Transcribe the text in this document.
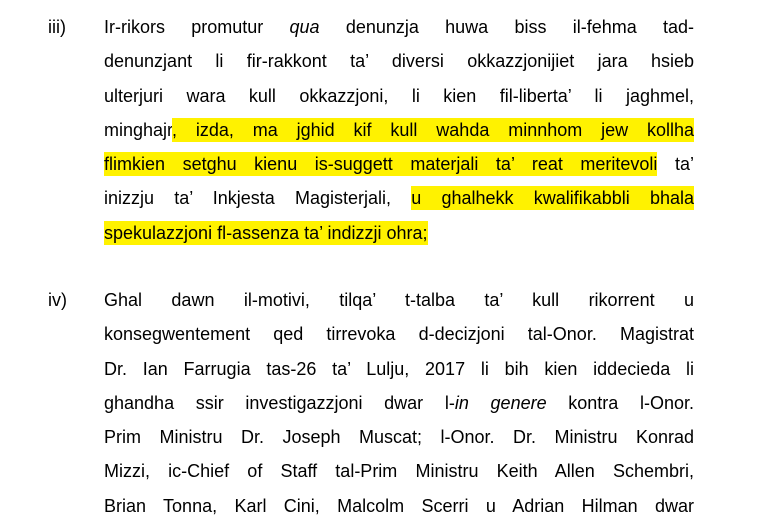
iii) Ir-rikors promutur qua denunzja huwa biss il-fehma tad-
denunzjant li fir-rakkont ta’ diversi okkazzjonijiet jara hsieb
ulterjuri wara kull okkazzjoni, li kien fil-liberta’ li jaghmel,
minghajr, izda, ma jghid kif kull wahda minnhom jew kollha
flimkien setghu kienu is-suggett materjali ta’ reat meritevoli ta’
inizzju ta’ Inkjesta Magisterjali, u ghalhekk kwalifikabbli bhala
spekulazzjoni fl-assenza ta’ indizzji ohra;
iv) Ghal dawn il-motivi, tilqa’ t-talba ta’ kull rikorrent u
konsegwentement qed tirrevoka d-decizjoni tal-Onor. Magistrat
Dr. Ian Farrugia tas-26 ta’ Lulju, 2017 li bih kien iddecieda li
ghandha ssir investigazzjoni dwar l-in genere kontra l-Onor.
Prim Ministru Dr. Joseph Muscat; l-Onor. Dr. Ministru Konrad
Mizzi, ic-Chief of Staff tal-Prim Ministru Keith Allen Schembri,
Brian Tonna, Karl Cini, Malcolm Scerri u Adrian Hilman dwar
